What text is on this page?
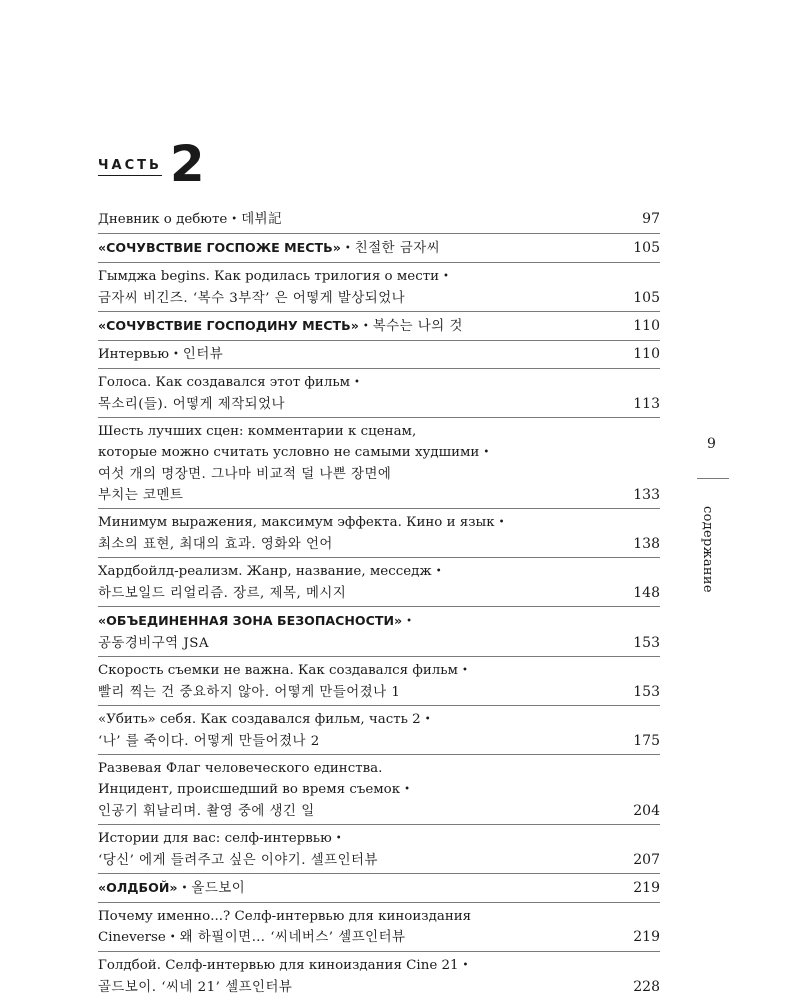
ЧАСТЬ 2
Дневник о дебюте • 데뷔記	97
«СОЧУВСТВИЕ ГОСПОЖЕ МЕСТЬ» • 친절한 금자씨	105
Гымджа begins. Как родилась трилогия о мести •
금자씨 비긴즈. ‘복수 3부작’ 은 어떻게 발상되었나	105
«СОЧУВСТВИЕ ГОСПОДИНУ МЕСТЬ» • 복수는 나의 것	110
Интервью • 인터뷰	110
Голоса. Как создавался этот фильм •
목소리(들). 어떻게 제작되었나	113
Шесть лучших сцен: комментарии к сценам,
которые можно считать условно не самыми худшими •
여섯 개의 명장면. 그나마 비교적 덜 나쁜 장면에
부치는 코멘트	133
Минимум выражения, максимум эффекта. Кино и язык •
최소의 표현, 최대의 효과. 영화와 언어	138
Хардбойлд-реализм. Жанр, название, месседж •
하드보일드 리얼리즘. 장르, 제목, 메시지	148
«ОБЪЕДИНЕННАЯ ЗОНА БЕЗОПАСНОСТИ» •
공동경비구역 JSA	153
Скорость съемки не важна. Как создавался фильм •
빨리 찍는 건 중요하지 않아. 어떻게 만들어졌나 1	153
«Убить» себя. Как создавался фильм, часть 2 •
‘나’ 를 죽이다. 어떻게 만들어졌나 2	175
Развевая Флаг человеческого единства.
Инцидент, происшедший во время съемок •
인공기 휘날리며. 촬영 중에 생긴 일	204
Истории для вас: селф-интервью •
‘당신’ 에게 들려주고 싶은 이야기. 셀프인터뷰	207
«ОЛДБОЙ» • 올드보이	219
Почему именно...? Селф-интервью для киноиздания
Cineverse • 왜 하필이면… ‘씨네버스’ 셀프인터뷰	219
Голдбой. Селф-интервью для киноиздания Cine 21 •
골드보이. ‘씨네 21’ 셀프인터뷰	228
9
содержание
